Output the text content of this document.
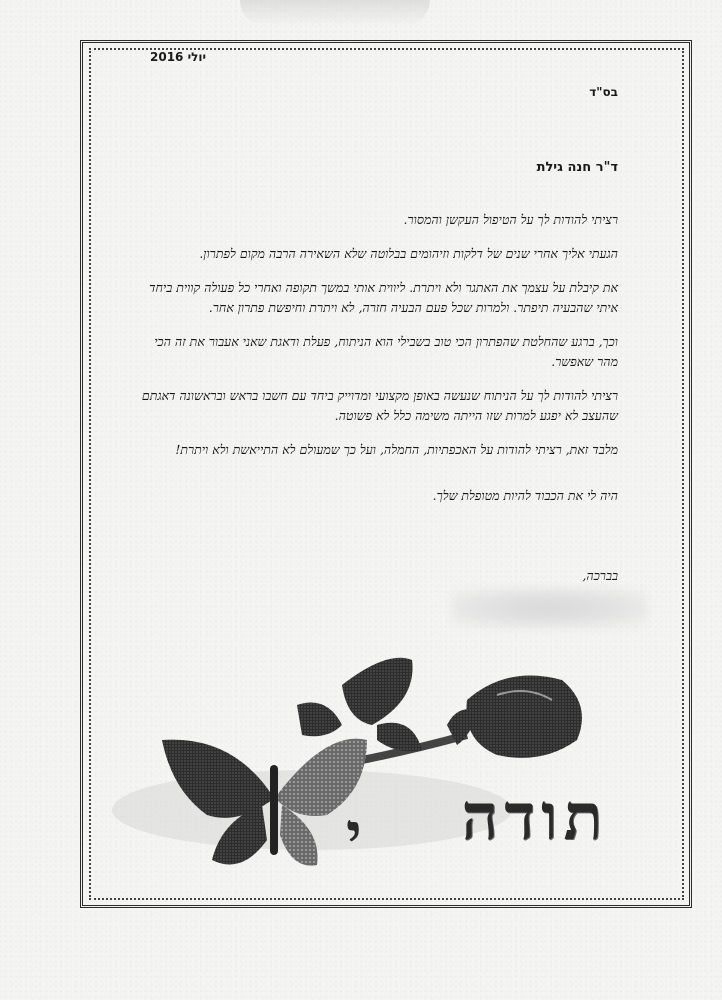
יולי 2016
בס"ד
ד"ר חנה גילת

רציתי להודות לך על הטיפול העקשן והמסור.

הגעתי אליך אחרי שנים של דלקות וזיהומים בבלוטה שלא השאירה הרבה מקום לפתרון.

את קיבלת על עצמך את האתגר ולא ויתרת. ליווית אותי במשך תקופה ואחרי כל פעולה קווית ביחד איתי שהבעיה תיפתר. ולמרות שכל פעם הבעיה חזרה, לא ויתרת וחיפשת פתרון אחר.

וכך, ברגע שהחלטת שהפתרון הכי טוב בשבילי הוא הניתוח, פעלת ודאגת שאני אעבור את זה הכי מהר שאפשר.

רציתי להודות לך על הניתוח שנעשה באופן מקצועי ומדוייק ביחד עם חשבו בראש ובראשונה דאגתם שהעצב לא יפגע למרות שזו הייתה משימה כלל לא פשוטה.

מלבד זאת, רציתי להודות על האכפתיות, החמלה, ועל כך שמעולם לא התייאשת ולא ויתרת!

היה לי את הכבוד להיות מטופלת שלך.

בברכה,
י	תודה
